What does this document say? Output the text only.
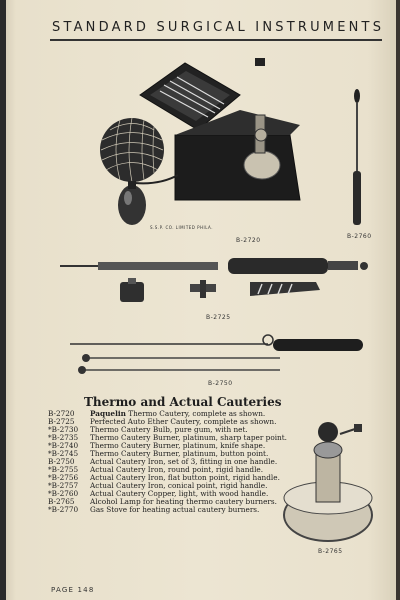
STANDARD SURGICAL INSTRUMENTS
S.S.P. CO. LIMITED PHILA.
B-2720
B-2760
B-2725
B-2750
Thermo and Actual Cauteries
B-2720	Paquelin Thermo Cautery, complete as shown.
B-2725	Perfected Auto Ether Cautery, complete as shown.
*B-2730	Thermo Cautery Bulb, pure gum, with net.
*B-2735	Thermo Cautery Burner, platinum, sharp taper point.
*B-2740	Thermo Cautery Burner, platinum, knife shape.
*B-2745	Thermo Cautery Burner, platinum, button point.
B-2750	Actual Cautery Iron, set of 3, fitting in one handle.
*B-2755	Actual Cautery Iron, round point, rigid handle.
*B-2756	Actual Cautery Iron, flat button point, rigid handle.
*B-2757	Actual Cautery Iron, conical point, rigid handle.
*B-2760	Actual Cautery Copper, light, with wood handle.
B-2765	Alcohol Lamp for heating thermo cautery burners.
*B-2770	Gas Stove for heating actual cautery burners.
B-2765
PAGE 148
